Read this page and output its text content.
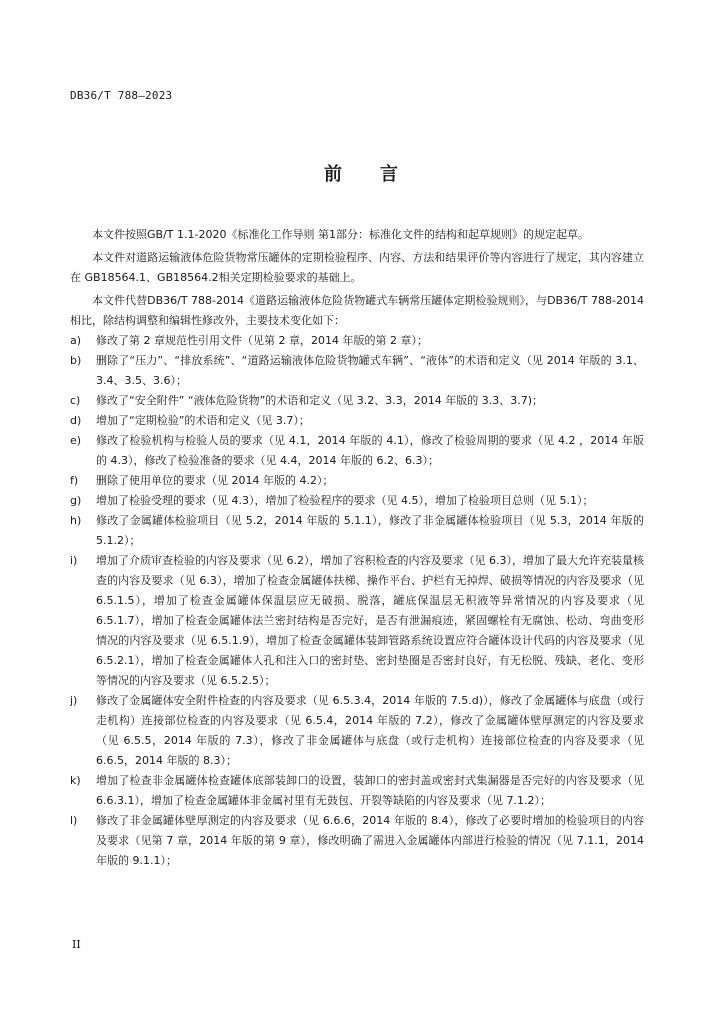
DB36/T 788—2023
前 言

本文件按照GB/T 1.1-2020《标准化工作导则 第1部分：标准化文件的结构和起草规则》的规定起草。

本文件对道路运输液体危险货物常压罐体的定期检验程序、内容、方法和结果评价等内容进行了规定，其内容建立在 GB18564.1、GB18564.2相关定期检验要求的基础上。

本文件代替DB36/T 788-2014《道路运输液体危险货物罐式车辆常压罐体定期检验规则》，与DB36/T 788-2014相比，除结构调整和编辑性修改外，主要技术变化如下：

a)	修改了第 2 章规范性引用文件（见第 2 章，2014 年版的第 2 章）；
b)	删除了“压力”、“排放系统”、“道路运输液体危险货物罐式车辆”、“液体”的术语和定义（见 2014 年版的 3.1、3.4、3.5、3.6）；
c)	修改了“安全附件” “液体危险货物”的术语和定义（见 3.2、3.3，2014 年版的 3.3、3.7)；
d)	增加了“定期检验”的术语和定义（见 3.7）；
e)	修改了检验机构与检验人员的要求（见 4.1，2014 年版的 4.1），修改了检验周期的要求（见 4.2 ，2014 年版的 4.3），修改了检验准备的要求（见 4.4，2014 年版的 6.2、6.3）；
f)	删除了使用单位的要求（见 2014 年版的 4.2）；
g)	增加了检验受理的要求（见 4.3），增加了检验程序的要求（见 4.5），增加了检验项目总则（见 5.1）；
h)	修改了金属罐体检验项目（见 5.2，2014 年版的 5.1.1），修改了非金属罐体检验项目（见 5.3，2014 年版的 5.1.2）；
i)	增加了介质审查检验的内容及要求（见 6.2），增加了容积检查的内容及要求（见 6.3），增加了最大允许充装量核查的内容及要求（见 6.3），增加了检查金属罐体扶梯、操作平台、护栏有无掉焊、破损等情况的内容及要求（见 6.5.1.5），增加了检查金属罐体保温层应无破损、脱落，罐底保温层无积液等异常情况的内容及要求（见 6.5.1.7），增加了检查金属罐体法兰密封结构是否完好，是否有泄漏痕迹，紧固螺栓有无腐蚀、松动、弯曲变形情况的内容及要求（见 6.5.1.9），增加了检查金属罐体装卸管路系统设置应符合罐体设计代码的内容及要求（见 6.5.2.1），增加了检查金属罐体人孔和注入口的密封垫、密封垫圈是否密封良好，有无松脱、残缺、老化、变形等情况的内容及要求（见 6.5.2.5）；
j)	修改了金属罐体安全附件检查的内容及要求（见 6.5.3.4，2014 年版的 7.5.d)），修改了金属罐体与底盘（或行走机构）连接部位检查的内容及要求（见 6.5.4，2014 年版的 7.2），修改了金属罐体壁厚测定的内容及要求（见 6.5.5，2014 年版的 7.3），修改了非金属罐体与底盘（或行走机构）连接部位检查的内容及要求（见 6.6.5，2014 年版的 8.3）；
k)	增加了检查非金属罐体检查罐体底部装卸口的设置，装卸口的密封盖或密封式集漏器是否完好的内容及要求（见 6.6.3.1），增加了检查金属罐体非金属衬里有无鼓包、开裂等缺陷的内容及要求（见 7.1.2）；
l)	修改了非金属罐体壁厚测定的内容及要求（见 6.6.6，2014 年版的 8.4），修改了必要时增加的检验项目的内容及要求（见第 7 章，2014 年版的第 9 章），修改明确了需进入金属罐体内部进行检验的情况（见 7.1.1，2014 年版的 9.1.1）；
II
